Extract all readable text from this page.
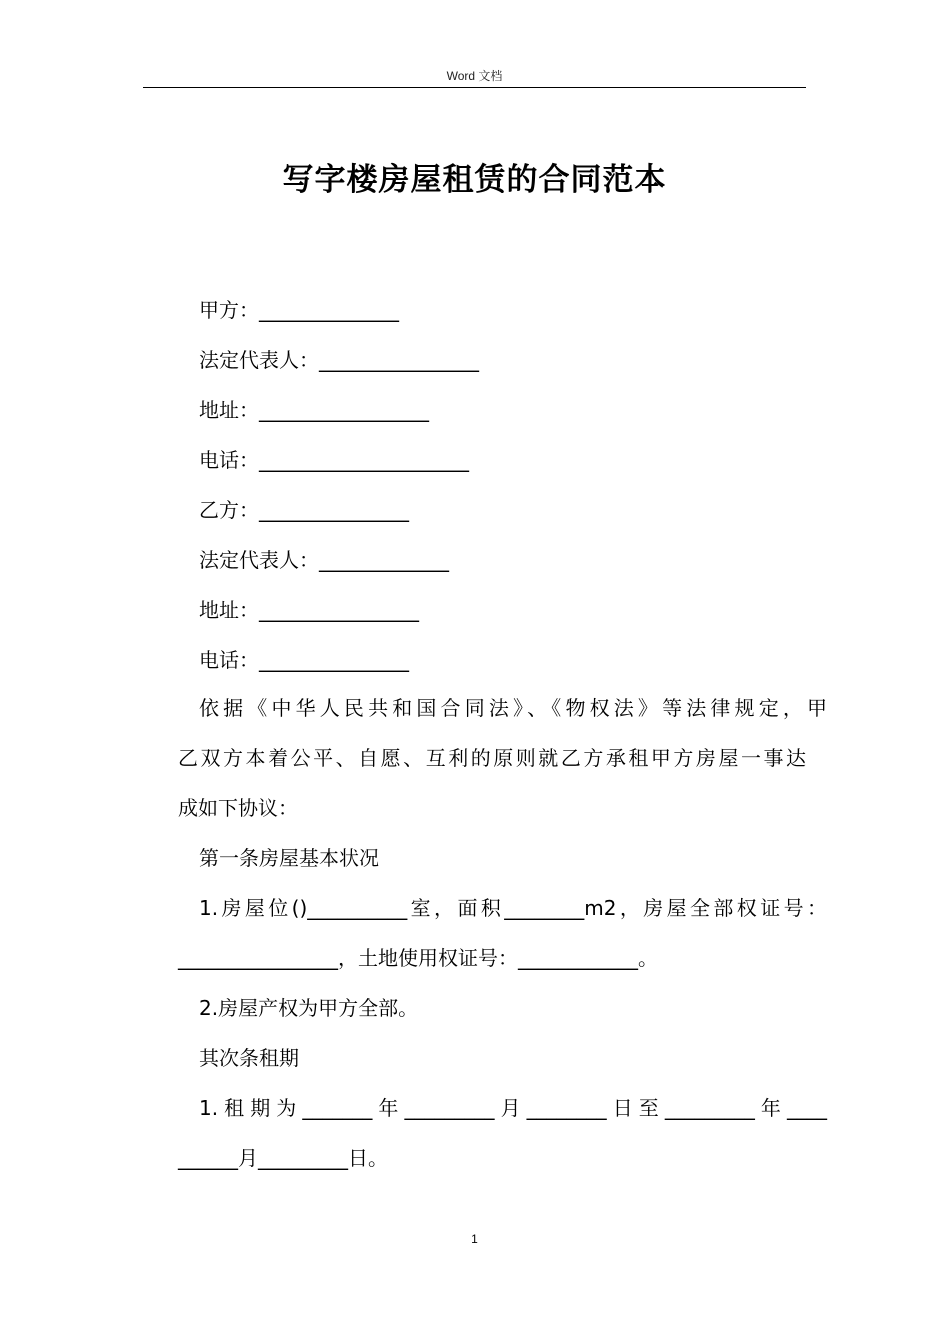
Word 文档
写字楼房屋租赁的合同范本
甲方：______________
法定代表人：________________
地址：_________________
电话：_____________________
乙方：_______________
法定代表人：_____________
地址：________________
电话：_______________
依据《中华人民共和国合同法》、《物权法》等法律规定，甲
乙双方本着公平、自愿、互利的原则就乙方承租甲方房屋一事达
成如下协议：
第一条房屋基本状况
1.房屋位()__________室，面积________m2，房屋全部权证号：
________________，土地使用权证号：____________。
2.房屋产权为甲方全部。
其次条租期
1.租期为_______年_________月________日至_________年____
______月_________日。
1
